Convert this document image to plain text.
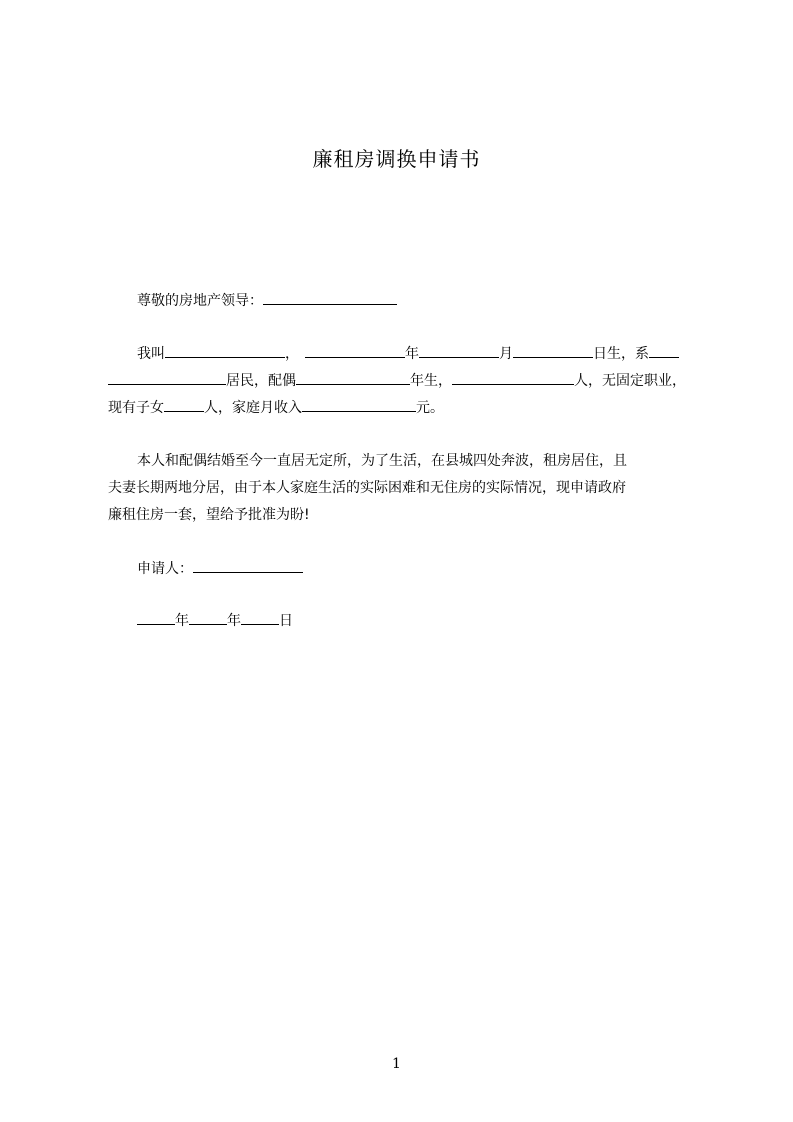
廉租房调换申请书
尊敬的房地产领导：
我叫	，	年	月	日生，系
居民，配偶	年生，	人，无固定职业，
现有子女	人，家庭月收入	元。
本人和配偶结婚至今一直居无定所，为了生活，在县城四处奔波，租房居住，且
夫妻长期两地分居，由于本人家庭生活的实际困难和无住房的实际情况，现申请政府
廉租住房一套，望给予批准为盼!
申请人：
年	年	日
1
